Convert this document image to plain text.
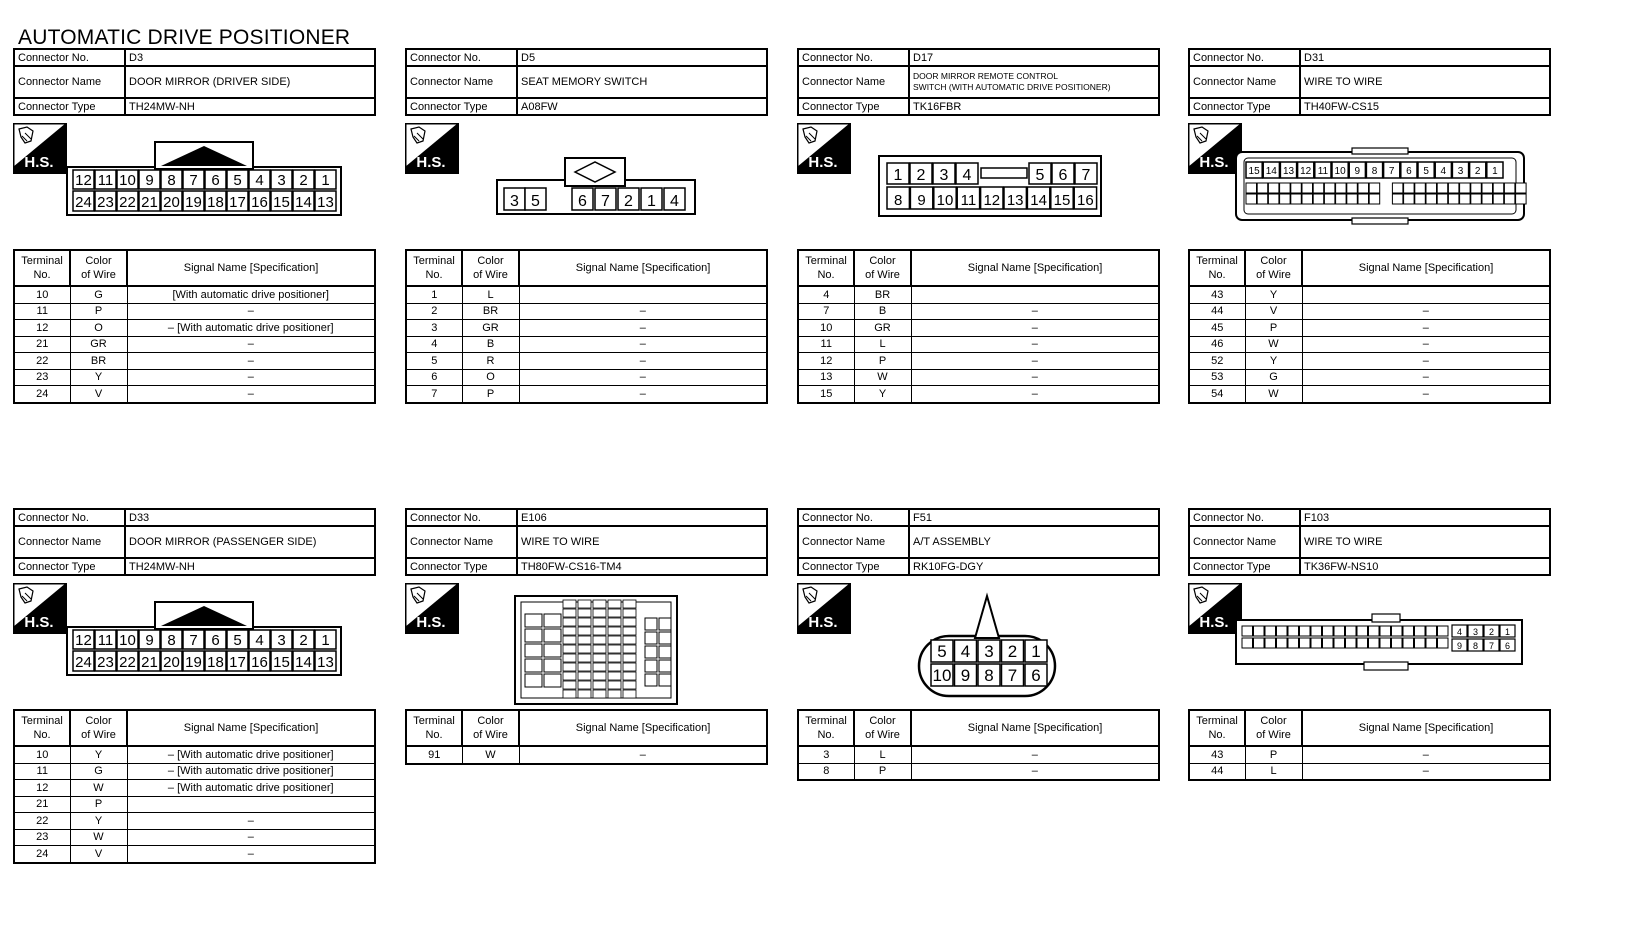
AUTOMATIC DRIVE POSITIONER
Connector No.	D3
Connector Name	DOOR MIRROR (DRIVER SIDE)
Connector Type	TH24MW-NH
H.S.
12 11 10 9 8 7 6 5 4 3 2 1
24 23 22 21 20 19 18 17 16 15 14 13
Terminal
No.	Color
of Wire	Signal Name [Specification]
10	G	[With automatic drive positioner]
11	P	–
12	O	– [With automatic drive positioner]
21	GR	–
22	BR	–
23	Y	–
24	V	–
Connector No.	D5
Connector Name	SEAT MEMORY SWITCH
Connector Type	A08FW
H.S.
3 5 6 7 2 1 4
Terminal
No.	Color
of Wire	Signal Name [Specification]
1	L	
2	BR	–
3	GR	–
4	B	–
5	R	–
6	O	–
7	P	–
Connector No.	D17
Connector Name	DOOR MIRROR REMOTE CONTROL
SWITCH (WITH AUTOMATIC DRIVE POSITIONER)
Connector Type	TK16FBR
H.S.
1 2 3 4	5 6 7
8 9 10 11 12 13 14 15 16
Terminal
No.	Color
of Wire	Signal Name [Specification]
4	BR	
7	B	–
10	GR	–
11	L	–
12	P	–
13	W	–
15	Y	–
Connector No.	D31
Connector Name	WIRE TO WIRE
Connector Type	TH40FW-CS15
H.S.
15 14 13 12 11 10 9 8 7 6 5 4 3 2 1
Terminal
No.	Color
of Wire	Signal Name [Specification]
43	Y	
44	V	–
45	P	–
46	W	–
52	Y	–
53	G	–
54	W	–
Connector No.	D33
Connector Name	DOOR MIRROR (PASSENGER SIDE)
Connector Type	TH24MW-NH
H.S.
12 11 10 9 8 7 6 5 4 3 2 1
24 23 22 21 20 19 18 17 16 15 14 13
Terminal
No.	Color
of Wire	Signal Name [Specification]
10	Y	– [With automatic drive positioner]
11	G	– [With automatic drive positioner]
12	W	– [With automatic drive positioner]
21	P	
22	Y	–
23	W	–
24	V	–
Connector No.	E106
Connector Name	WIRE TO WIRE
Connector Type	TH80FW-CS16-TM4
H.S.
Terminal
No.	Color
of Wire	Signal Name [Specification]
91	W	–
Connector No.	F51
Connector Name	A/T ASSEMBLY
Connector Type	RK10FG-DGY
H.S.
5 4 3 2 1
10 9 8 7 6
Terminal
No.	Color
of Wire	Signal Name [Specification]
3	L	–
8	P	–
Connector No.	F103
Connector Name	WIRE TO WIRE
Connector Type	TK36FW-NS10
H.S.
4 3 2 1
9 8 7 6
Terminal
No.	Color
of Wire	Signal Name [Specification]
43	P	–
44	L	–
